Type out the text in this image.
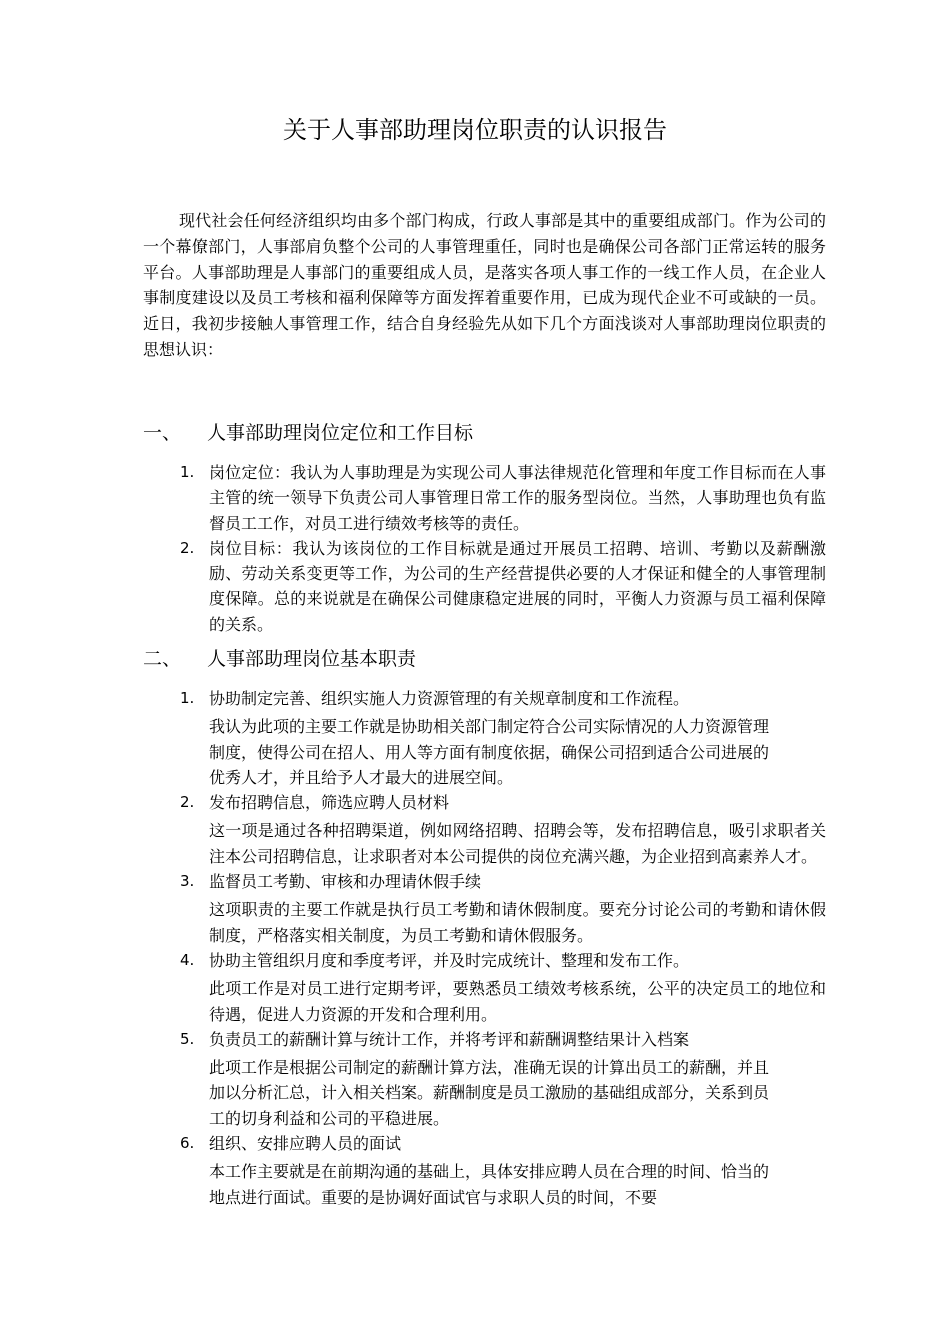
关于人事部助理岗位职责的认识报告

现代社会任何经济组织均由多个部门构成，行政人事部是其中的重要组成部门。作为公司的一个幕僚部门，人事部肩负整个公司的人事管理重任，同时也是确保公司各部门正常运转的服务平台。人事部助理是人事部门的重要组成人员，是落实各项人事工作的一线工作人员，在企业人事制度建设以及员工考核和福利保障等方面发挥着重要作用，已成为现代企业不可或缺的一员。近日，我初步接触人事管理工作，结合自身经验先从如下几个方面浅谈对人事部助理岗位职责的思想认识：

一、 人事部助理岗位定位和工作目标
1. 岗位定位：我认为人事助理是为实现公司人事法律规范化管理和年度工作目标而在人事主管的统一领导下负责公司人事管理日常工作的服务型岗位。当然，人事助理也负有监督员工工作，对员工进行绩效考核等的责任。
2. 岗位目标：我认为该岗位的工作目标就是通过开展员工招聘、培训、考勤以及薪酬激励、劳动关系变更等工作，为公司的生产经营提供必要的人才保证和健全的人事管理制度保障。总的来说就是在确保公司健康稳定进展的同时，平衡人力资源与员工福利保障的关系。
二、 人事部助理岗位基本职责
1. 协助制定完善、组织实施人力资源管理的有关规章制度和工作流程。
我认为此项的主要工作就是协助相关部门制定符合公司实际情况的人力资源管理制度，使得公司在招人、用人等方面有制度依据，确保公司招到适合公司进展的优秀人才，并且给予人才最大的进展空间。
2. 发布招聘信息，筛选应聘人员材料
这一项是通过各种招聘渠道，例如网络招聘、招聘会等，发布招聘信息，吸引求职者关注本公司招聘信息，让求职者对本公司提供的岗位充满兴趣，为企业招到高素养人才。
3. 监督员工考勤、审核和办理请休假手续
这项职责的主要工作就是执行员工考勤和请休假制度。要充分讨论公司的考勤和请休假制度，严格落实相关制度，为员工考勤和请休假服务。
4. 协助主管组织月度和季度考评，并及时完成统计、整理和发布工作。
此项工作是对员工进行定期考评，要熟悉员工绩效考核系统，公平的决定员工的地位和待遇，促进人力资源的开发和合理利用。
5. 负责员工的薪酬计算与统计工作，并将考评和薪酬调整结果计入档案
此项工作是根据公司制定的薪酬计算方法，准确无误的计算出员工的薪酬，并且加以分析汇总，计入相关档案。薪酬制度是员工激励的基础组成部分，关系到员工的切身利益和公司的平稳进展。
6. 组织、安排应聘人员的面试
本工作主要就是在前期沟通的基础上，具体安排应聘人员在合理的时间、恰当的地点进行面试。重要的是协调好面试官与求职人员的时间，不要
